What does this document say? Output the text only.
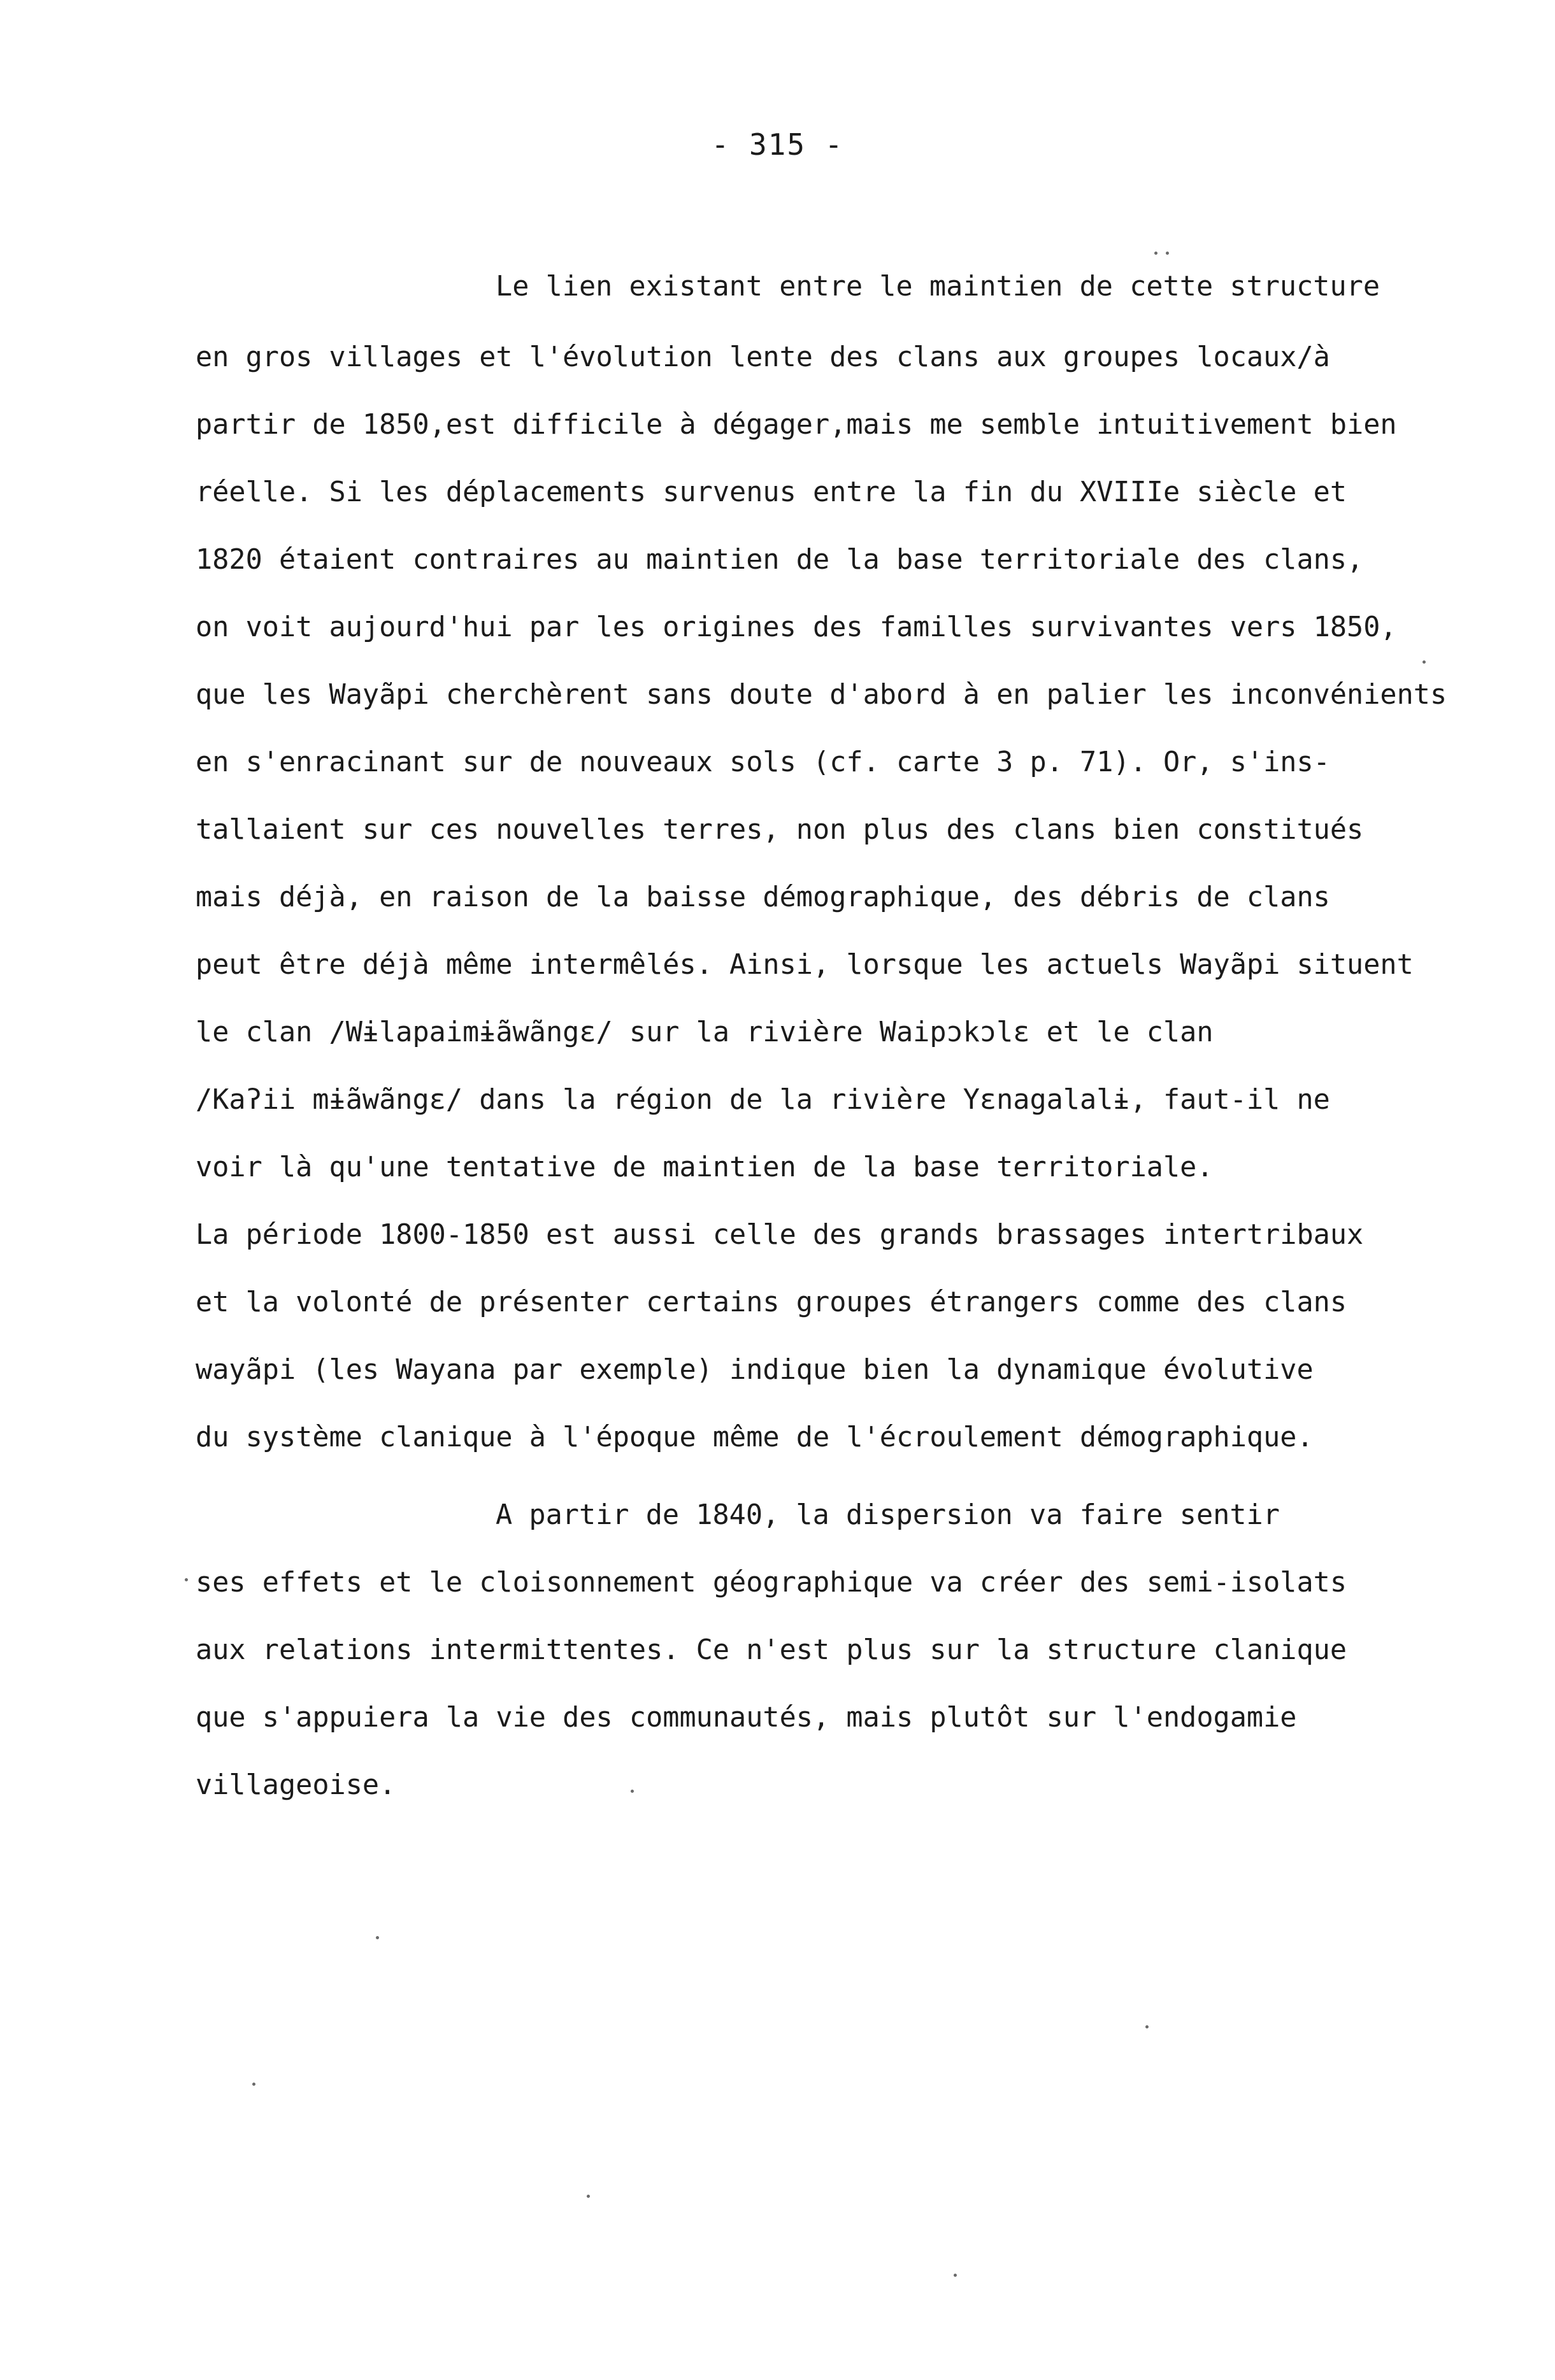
- 315 -
Le lien existant entre le maintien de cette structure
en gros villages et l'évolution lente des clans aux groupes locaux/à
partir de 1850,est difficile à dégager,mais me semble intuitivement bien
réelle. Si les déplacements survenus entre la fin du XVIIIe siècle et
1820 étaient contraires au maintien de la base territoriale des clans,
on voit aujourd'hui par les origines des familles survivantes vers 1850,
que les Wayãpi cherchèrent sans doute d'abord à en palier les inconvénients
en s'enracinant sur de nouveaux sols (cf. carte 3 p. 71). Or, s'ins-
tallaient sur ces nouvelles terres, non plus des clans bien constitués
mais déjà, en raison de la baisse démographique, des débris de clans
peut être déjà même intermêlés. Ainsi, lorsque les actuels Wayãpi situent
le clan /Wɨlapaimɨãwãngɛ/ sur la rivière Waipɔkɔlɛ et le clan
/Kaʔii mɨãwãngɛ/ dans la région de la rivière Yɛnagalalɨ, faut-il ne
voir là qu'une tentative de maintien de la base territoriale.
La période 1800-1850 est aussi celle des grands brassages intertribaux
et la volonté de présenter certains groupes étrangers comme des clans
wayãpi (les Wayana par exemple) indique bien la dynamique évolutive
du système clanique à l'époque même de l'écroulement démographique.
A partir de 1840, la dispersion va faire sentir
ses effets et le cloisonnement géographique va créer des semi-isolats
aux relations intermittentes. Ce n'est plus sur la structure clanique
que s'appuiera la vie des communautés, mais plutôt sur l'endogamie
villageoise.
